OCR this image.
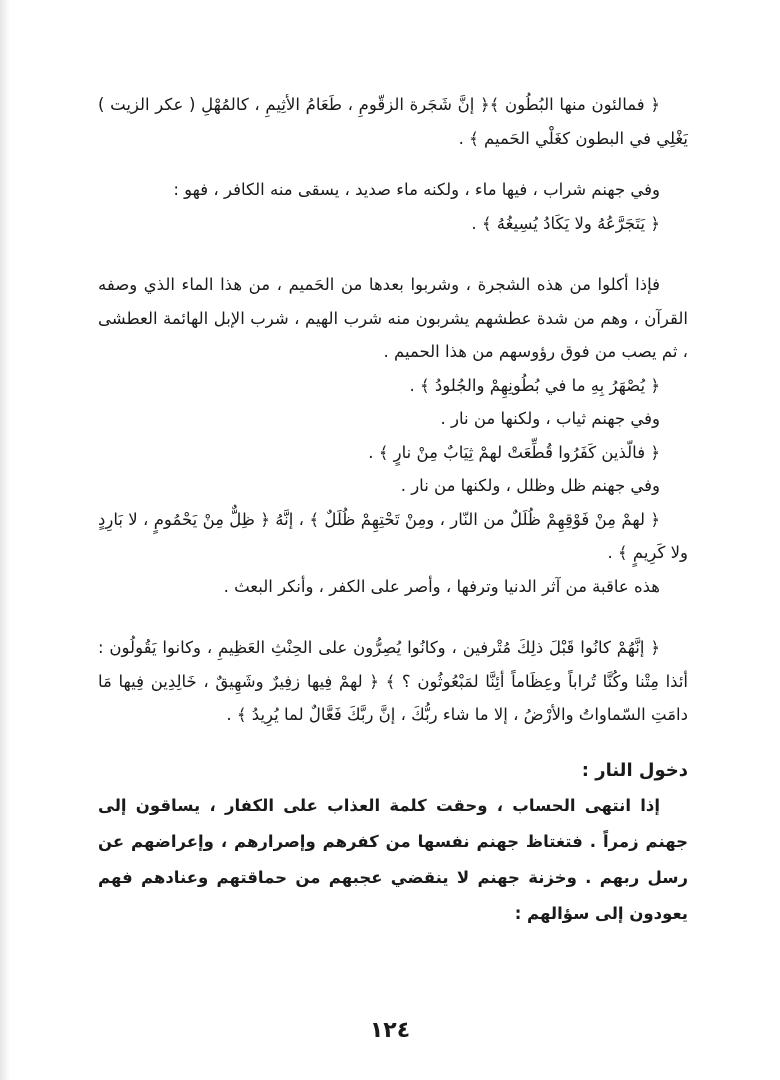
﴿ فمالئون منها البُطُون ﴾﴿ إنَّ شَجَرة الزقّومِ ، طَعَامُ الأثِيمِ ، كالمُهْلِ ( عكر الزيت ) يَغْلِي في البطون كغَلْي الحَميم ﴾ .

وفي جهنم شراب ، فيها ماء ، ولكنه ماء صديد ، يسقى منه الكافر ، فهو :

﴿ يَتَجَرَّعُهُ ولا يَكَادُ يُسِيغُهُ ﴾ .

فإذا أكلوا من هذه الشجرة ، وشربوا بعدها من الحَميم ، من هذا الماء الذي وصفه القرآن ، وهم من شدة عطشهم يشربون منه شرب الهيم ، شرب الإبل الهائمة العطشى ، ثم يصب من فوق رؤوسهم من هذا الحميم .

﴿ يُصْهَرُ بِهِ ما في بُطُونِهِمْ والجُلودُ ﴾ .

وفي جهنم ثياب ، ولكنها من نار .

﴿ فالّذين كَفَرُوا قُطِّعَتْ لهمْ ثِيَابٌ مِنْ نارٍ ﴾ .

وفي جهنم ظل وظلل ، ولكنها من نار .

﴿ لهمْ مِنْ فَوْقِهِمْ ظُلَلٌ من النّار ، ومِنْ تَحْتِهِمْ ظُلَلٌ ﴾ ، إنَّهُ ﴿ ظِلٌّ مِنْ يَحْمُومٍ ، لا بَارِدٍ ولا كَرِيمٍ ﴾ .

هذه عاقبة من آثر الدنيا وترفها ، وأصر على الكفر ، وأنكر البعث .

﴿ إنَّهُمْ كانُوا قَبْلَ ذلِكَ مُتْرفين ، وكانُوا يُصِرُّون على الحِنْثِ العَظِيمِ ، وكانوا يَقُولُون : أئذا مِتْنا وكُنَّا تُراباً وعِظَاماً أئِنَّا لمَبْعُوثُون ؟ ﴾ ﴿ لهمْ فِيها زفِيرٌ وشَهِيقٌ ، خَالِدِين فِيها مَا دامَتِ السّماواتُ والأرْضُ ، إلا ما شاء ربُّكَ ، إنَّ ربَّكَ فَعَّالٌ لما يُرِيدُ ﴾ .

دخول النار :

إذا انتهى الحساب ، وحقت كلمة العذاب على الكفار ، يساقون إلى جهنم زمراً . فتغتاظ جهنم نفسها من كفرهم وإصرارهم ، وإعراضهم عن رسل ربهم . وخزنة جهنم لا ينقضي عجبهم من حماقتهم وعنادهم فهم يعودون إلى سؤالهم :

١٢٤
